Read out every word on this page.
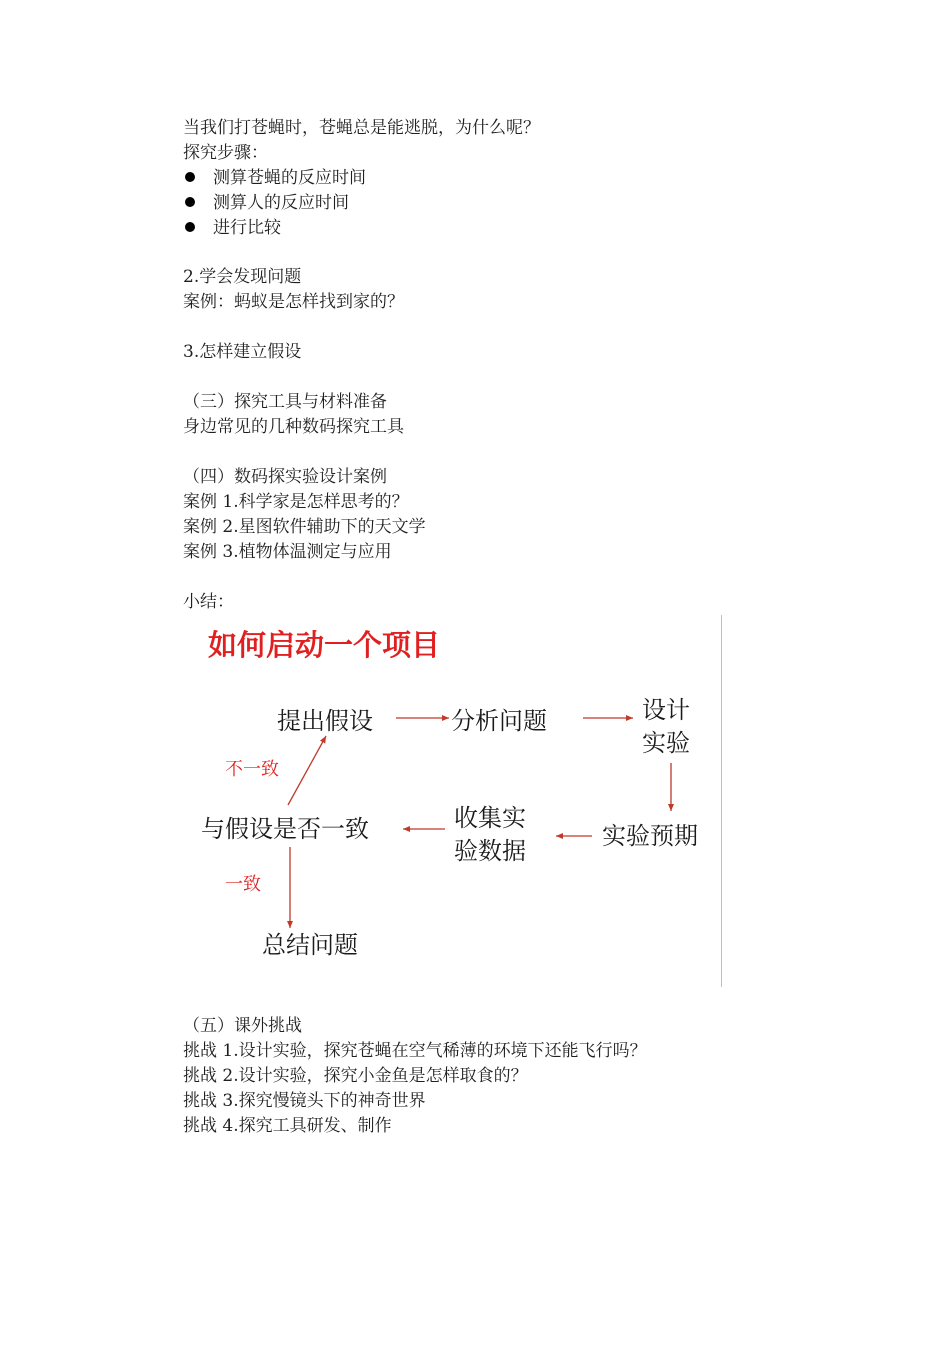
当我们打苍蝇时，苍蝇总是能逃脱，为什么呢？
探究步骤：
测算苍蝇的反应时间
测算人的反应时间
进行比较
2.学会发现问题
案例：蚂蚁是怎样找到家的？
3.怎样建立假设
（三）探究工具与材料准备
身边常见的几种数码探究工具
（四）数码探实验设计案例
案例 1.科学家是怎样思考的？
案例 2.星图软件辅助下的天文学
案例 3.植物体温测定与应用
小结：
如何启动一个项目
提出假设	分析问题	设计
实验
实验预期
收集实
验数据
与假设是否一致
不一致
一致
总结问题
（五）课外挑战
挑战 1.设计实验，探究苍蝇在空气稀薄的环境下还能飞行吗？
挑战 2.设计实验，探究小金鱼是怎样取食的？
挑战 3.探究慢镜头下的神奇世界
挑战 4.探究工具研发、制作
